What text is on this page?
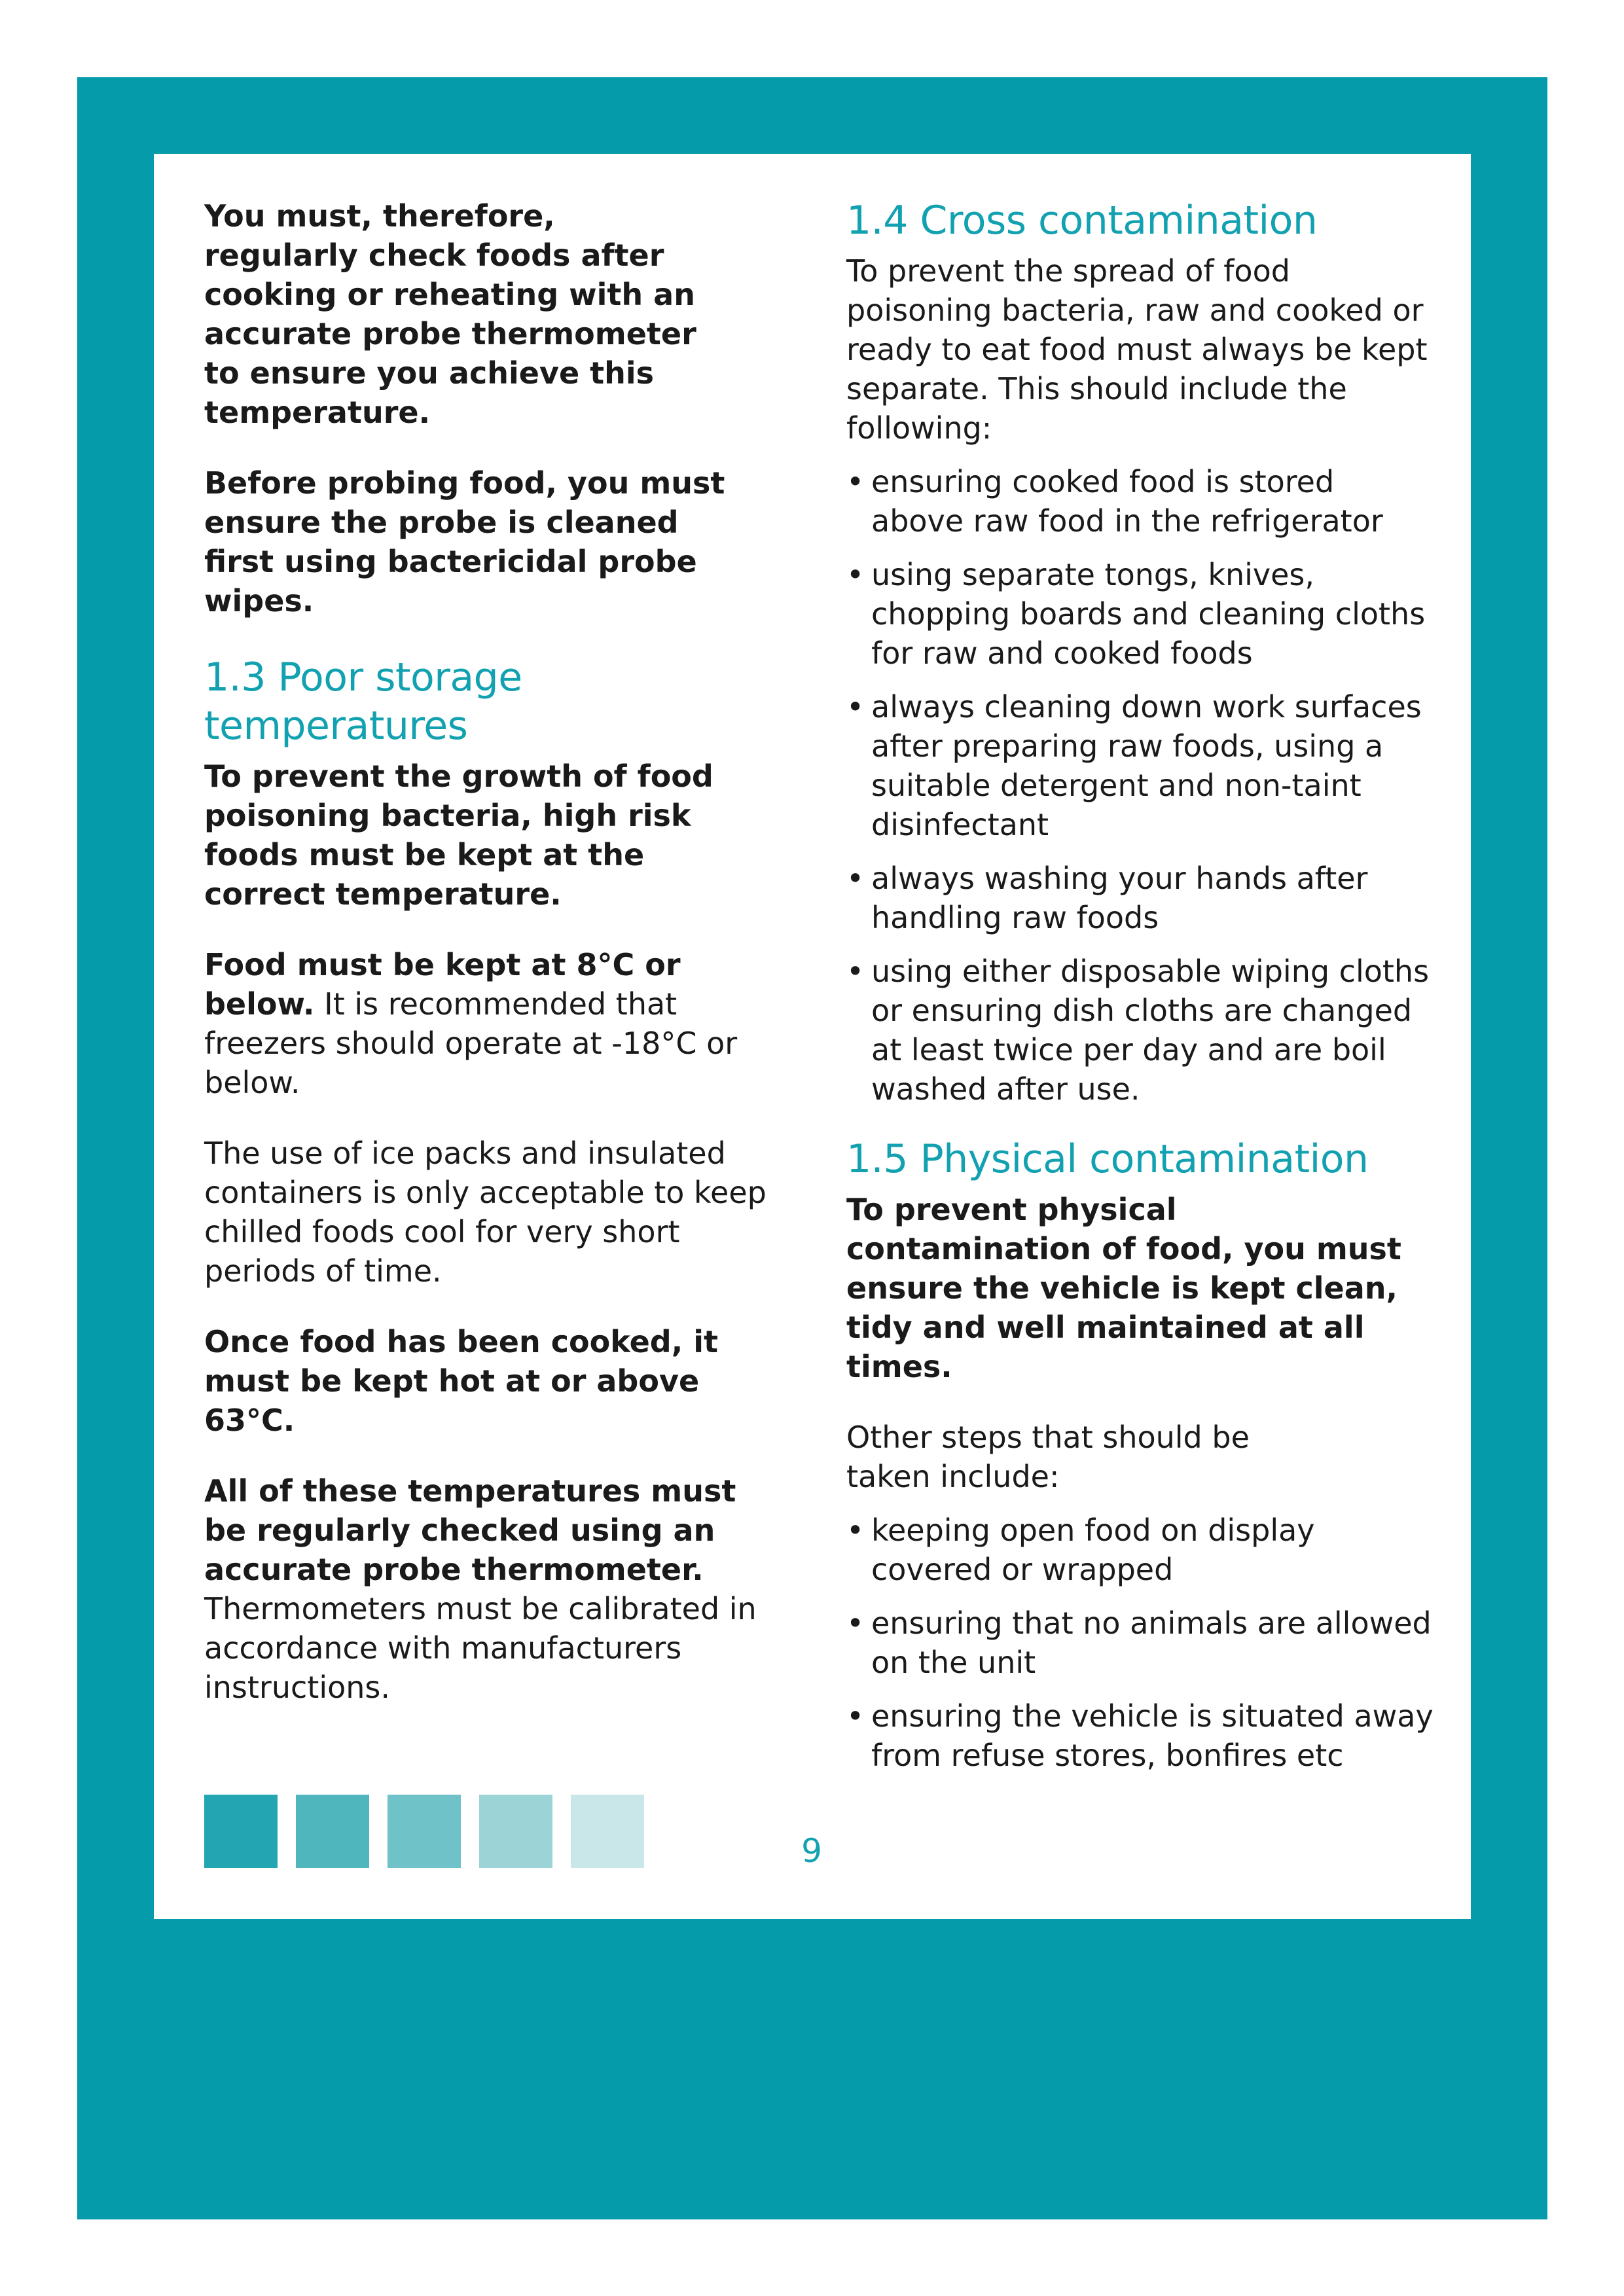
You must, therefore, regularly check foods after cooking or reheating with an accurate probe thermometer to ensure you achieve this temperature.

Before probing food, you must ensure the probe is cleaned first using bactericidal probe wipes.

1.3 Poor storage temperatures

To prevent the growth of food poisoning bacteria, high risk foods must be kept at the correct temperature.

Food must be kept at 8°C or below. It is recommended that freezers should operate at -18°C or below.

The use of ice packs and insulated containers is only acceptable to keep chilled foods cool for very short periods of time.

Once food has been cooked, it must be kept hot at or above 63°C.

All of these temperatures must be regularly checked using an accurate probe thermometer. Thermometers must be calibrated in accordance with manufacturers instructions.

1.4 Cross contamination

To prevent the spread of food poisoning bacteria, raw and cooked or ready to eat food must always be kept separate. This should include the following:

• ensuring cooked food is stored above raw food in the refrigerator
• using separate tongs, knives, chopping boards and cleaning cloths for raw and cooked foods
• always cleaning down work surfaces after preparing raw foods, using a suitable detergent and non-taint disinfectant
• always washing your hands after handling raw foods
• using either disposable wiping cloths or ensuring dish cloths are changed at least twice per day and are boil washed after use.
1.5 Physical contamination

To prevent physical contamination of food, you must ensure the vehicle is kept clean, tidy and well maintained at all times.

Other steps that should be taken include:

• keeping open food on display covered or wrapped
• ensuring that no animals are allowed on the unit
• ensuring the vehicle is situated away from refuse stores, bonfires etc
9
